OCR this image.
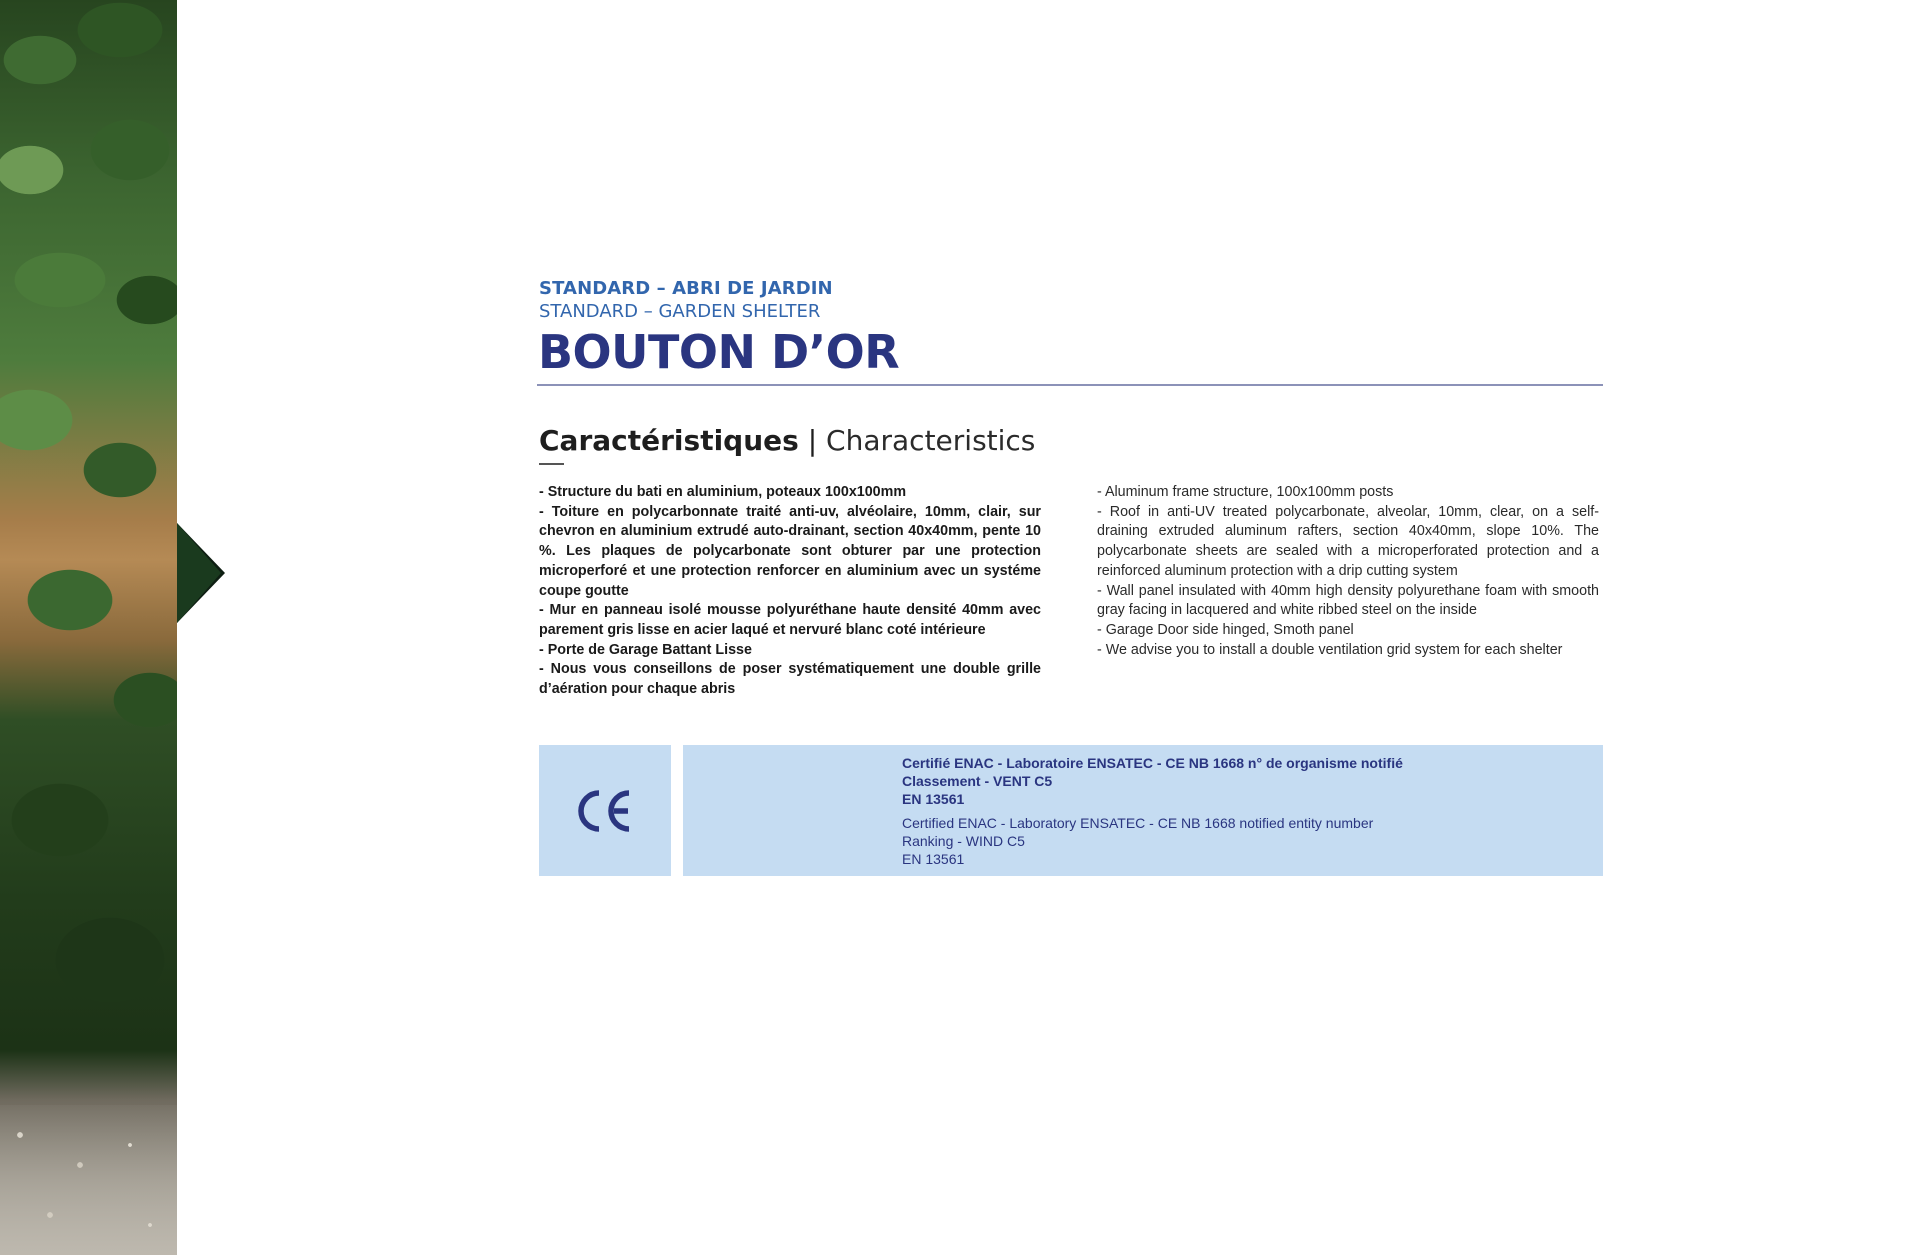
STANDARD – ABRI DE JARDIN
STANDARD – GARDEN SHELTER
BOUTON D’OR
Caractéristiques | Characteristics

- Structure du bati en aluminium, poteaux 100x100mm

- Toiture en polycarbonnate traité anti-uv, alvéolaire, 10mm, clair, sur chevron en aluminium extrudé auto-drainant, section 40x40mm, pente 10 %. Les plaques de polycarbonate sont obturer par une protection microperforé et une protection renforcer en aluminium avec un systéme coupe goutte

- Mur en panneau isolé mousse polyuréthane haute densité 40mm avec parement gris lisse en acier laqué et nervuré blanc coté intérieure

- Porte de Garage Battant Lisse

- Nous vous conseillons de poser systématiquement une double grille d’aération pour chaque abris

- Aluminum frame structure, 100x100mm posts

- Roof in anti-UV treated polycarbonate, alveolar, 10mm, clear, on a self-draining extruded aluminum rafters, section 40x40mm, slope 10%. The polycarbonate sheets are sealed with a microperforated protection and a reinforced aluminum protection with a drip cutting system

- Wall panel insulated with 40mm high density polyurethane foam with smooth gray facing in lacquered and white ribbed steel on the inside

- Garage Door side hinged, Smoth panel

- We advise you to install a double ventilation grid system for each shelter

Certifié ENAC - Laboratoire ENSATEC - CE NB 1668 n° de organisme notifié
Classement - VENT C5
EN 13561
Certified ENAC - Laboratory ENSATEC - CE NB 1668 notified entity number
Ranking - WIND C5
EN 13561
